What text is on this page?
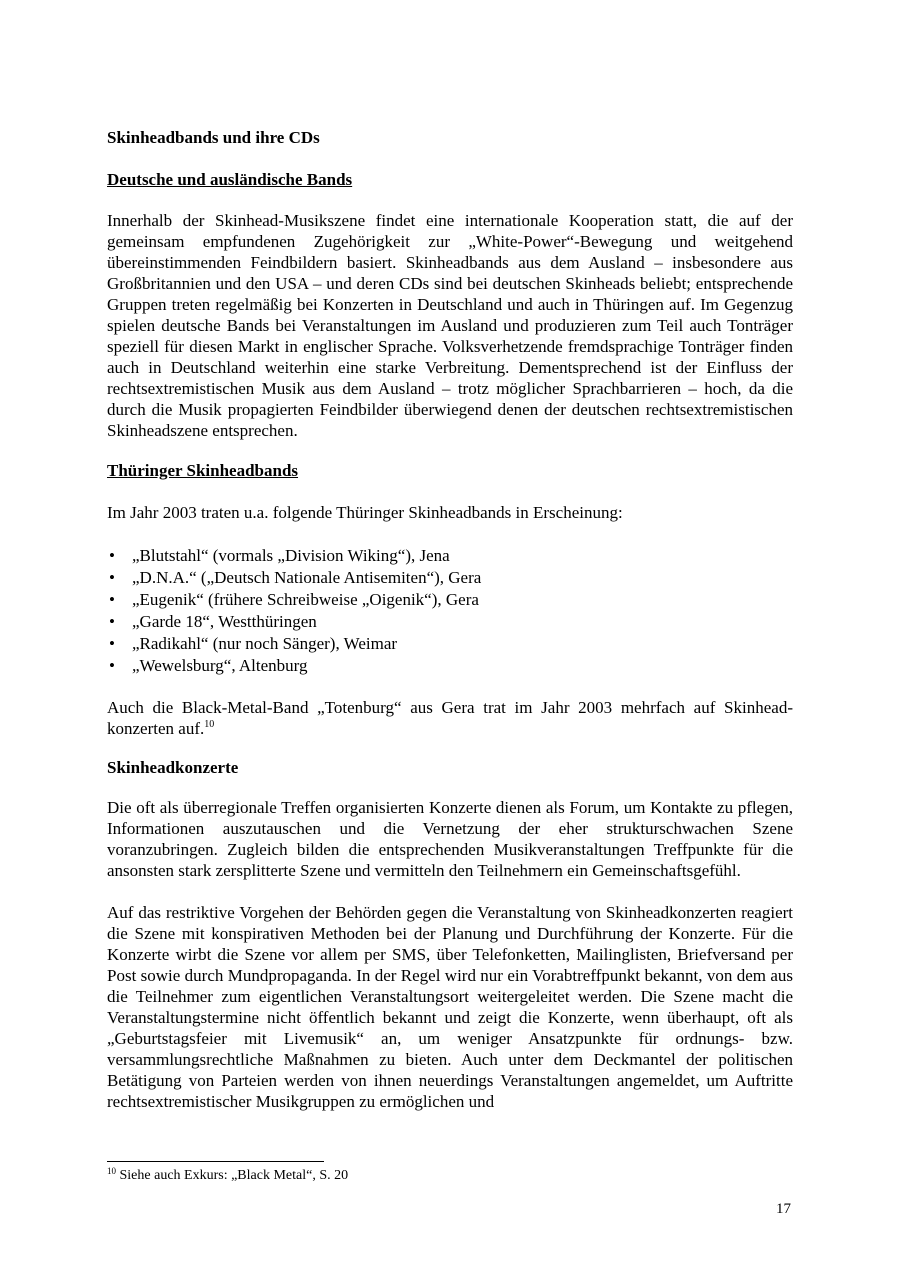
Skinheadbands und ihre CDs
Deutsche und ausländische Bands

Innerhalb der Skinhead-Musikszene findet eine internationale Kooperation statt, die auf der gemeinsam empfundenen Zugehörigkeit zur „White-Power“-Bewegung und weitgehend übereinstimmenden Feindbildern basiert. Skinheadbands aus dem Ausland – insbesondere aus Großbritannien und den USA – und deren CDs sind bei deutschen Skinheads beliebt; entsprechende Gruppen treten regelmäßig bei Konzerten in Deutschland und auch in Thüringen auf. Im Gegenzug spielen deutsche Bands bei Veranstaltungen im Ausland und produzieren zum Teil auch Tonträger speziell für diesen Markt in englischer Sprache. Volksverhetzende fremdsprachige Tonträger finden auch in Deutschland weiterhin eine starke Verbreitung. Dementsprechend ist der Einfluss der rechtsextremistischen Musik aus dem Ausland – trotz möglicher Sprachbarrieren – hoch, da die durch die Musik propagierten Feindbilder überwiegend denen der deutschen rechtsextremistischen Skinheadszene entsprechen.

Thüringer Skinheadbands

Im Jahr 2003 traten u.a. folgende Thüringer Skinheadbands in Erscheinung:

• „Blutstahl“ (vormals „Division Wiking“), Jena
• „D.N.A.“ („Deutsch Nationale Antisemiten“), Gera
• „Eugenik“ (frühere Schreibweise „Oigenik“), Gera
• „Garde 18“, Westthüringen
• „Radikahl“ (nur noch Sänger), Weimar
• „Wewelsburg“, Altenburg

Auch die Black-Metal-Band „Totenburg“ aus Gera trat im Jahr 2003 mehrfach auf Skinheadkonzerten auf.$^{10}$

Skinheadkonzerte

Die oft als überregionale Treffen organisierten Konzerte dienen als Forum, um Kontakte zu pflegen, Informationen auszutauschen und die Vernetzung der eher strukturschwachen Szene voranzubringen. Zugleich bilden die entsprechenden Musikveranstaltungen Treffpunkte für die ansonsten stark zersplitterte Szene und vermitteln den Teilnehmern ein Gemeinschaftsgefühl.

Auf das restriktive Vorgehen der Behörden gegen die Veranstaltung von Skinheadkonzerten reagiert die Szene mit konspirativen Methoden bei der Planung und Durchführung der Konzerte. Für die Konzerte wirbt die Szene vor allem per SMS, über Telefonketten, Mailinglisten, Briefversand per Post sowie durch Mundpropaganda. In der Regel wird nur ein Vorabtreffpunkt bekannt, von dem aus die Teilnehmer zum eigentlichen Veranstaltungsort weitergeleitet werden. Die Szene macht die Veranstaltungstermine nicht öffentlich bekannt und zeigt die Konzerte, wenn überhaupt, oft als „Geburtstagsfeier mit Livemusik“ an, um weniger Ansatzpunkte für ordnungs- bzw. versammlungsrechtliche Maßnahmen zu bieten. Auch unter dem Deckmantel der politischen Betätigung von Parteien werden von ihnen neuerdings Veranstaltungen angemeldet, um Auftritte rechtsextremistischer Musikgruppen zu ermöglichen und

$^{10}$ Siehe auch Exkurs: „Black Metal“, S. 20
17
